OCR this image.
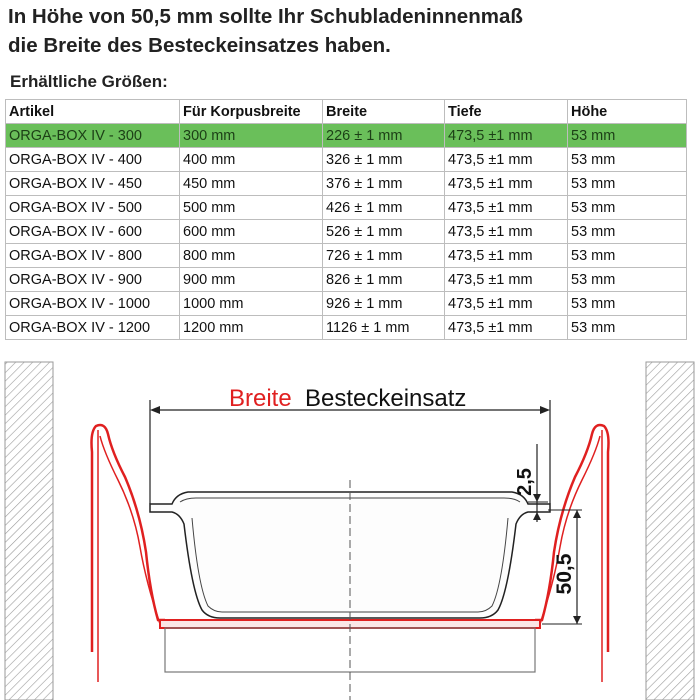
In Höhe von 50,5 mm sollte Ihr Schubladeninnenmaß
die Breite des Besteckeinsatzes haben.
Erhältliche Größen:
Artikel	Für Korpusbreite	Breite	Tiefe	Höhe
ORGA-BOX IV - 300	300 mm	226 ± 1 mm	473,5 ±1 mm	53 mm
ORGA-BOX IV - 400	400 mm	326 ± 1 mm	473,5 ±1 mm	53 mm
ORGA-BOX IV - 450	450 mm	376 ± 1 mm	473,5 ±1 mm	53 mm
ORGA-BOX IV - 500	500 mm	426 ± 1 mm	473,5 ±1 mm	53 mm
ORGA-BOX IV - 600	600 mm	526 ± 1 mm	473,5 ±1 mm	53 mm
ORGA-BOX IV - 800	800 mm	726 ± 1 mm	473,5 ±1 mm	53 mm
ORGA-BOX IV - 900	900 mm	826 ± 1 mm	473,5 ±1 mm	53 mm
ORGA-BOX IV - 1000	1000 mm	926 ± 1 mm	473,5 ±1 mm	53 mm
ORGA-BOX IV - 1200	1200 mm	1126 ± 1 mm	473,5 ±1 mm	53 mm
Breite Besteckeinsatz
2,5
50,5
